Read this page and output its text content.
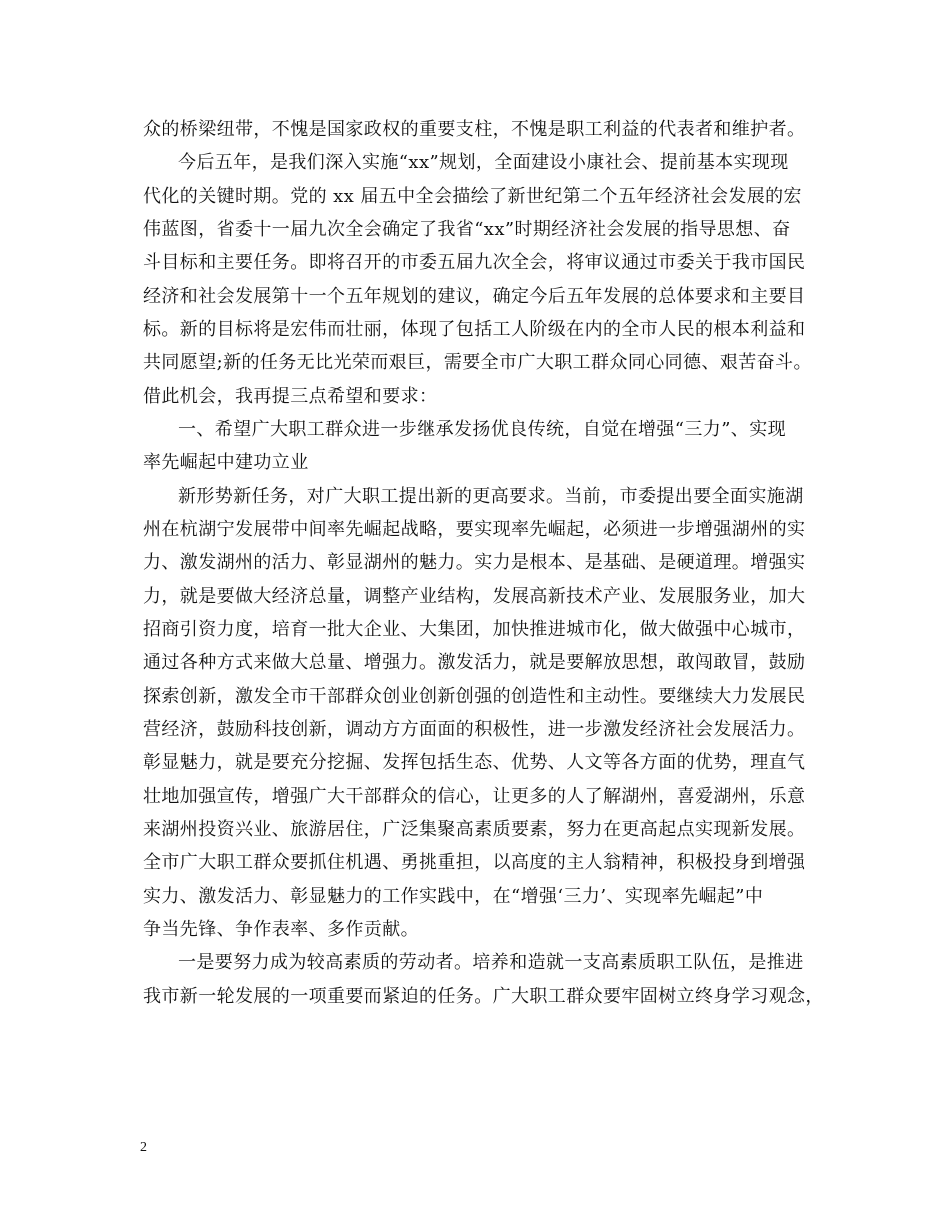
众的桥梁纽带，不愧是国家政权的重要支柱，不愧是职工利益的代表者和维护者。
今后五年，是我们深入实施“xx”规划，全面建设小康社会、提前基本实现现
代化的关键时期。党的 xx 届五中全会描绘了新世纪第二个五年经济社会发展的宏
伟蓝图，省委十一届九次全会确定了我省“xx”时期经济社会发展的指导思想、奋
斗目标和主要任务。即将召开的市委五届九次全会，将审议通过市委关于我市国民
经济和社会发展第十一个五年规划的建议，确定今后五年发展的总体要求和主要目
标。新的目标将是宏伟而壮丽，体现了包括工人阶级在内的全市人民的根本利益和
共同愿望;新的任务无比光荣而艰巨，需要全市广大职工群众同心同德、艰苦奋斗。
借此机会，我再提三点希望和要求：
一、希望广大职工群众进一步继承发扬优良传统，自觉在增强“三力”、实现
率先崛起中建功立业
新形势新任务，对广大职工提出新的更高要求。当前，市委提出要全面实施湖
州在杭湖宁发展带中间率先崛起战略，要实现率先崛起，必须进一步增强湖州的实
力、激发湖州的活力、彰显湖州的魅力。实力是根本、是基础、是硬道理。增强实
力，就是要做大经济总量，调整产业结构，发展高新技术产业、发展服务业，加大
招商引资力度，培育一批大企业、大集团，加快推进城市化，做大做强中心城市，
通过各种方式来做大总量、增强力。激发活力，就是要解放思想，敢闯敢冒，鼓励
探索创新，激发全市干部群众创业创新创强的创造性和主动性。要继续大力发展民
营经济，鼓励科技创新，调动方方面面的积极性，进一步激发经济社会发展活力。
彰显魅力，就是要充分挖掘、发挥包括生态、优势、人文等各方面的优势，理直气
壮地加强宣传，增强广大干部群众的信心，让更多的人了解湖州，喜爱湖州，乐意
来湖州投资兴业、旅游居住，广泛集聚高素质要素，努力在更高起点实现新发展。
全市广大职工群众要抓住机遇、勇挑重担，以高度的主人翁精神，积极投身到增强
实力、激发活力、彰显魅力的工作实践中，在“增强‘三力’、实现率先崛起”中
争当先锋、争作表率、多作贡献。
一是要努力成为较高素质的劳动者。培养和造就一支高素质职工队伍，是推进
我市新一轮发展的一项重要而紧迫的任务。广大职工群众要牢固树立终身学习观念，
2
